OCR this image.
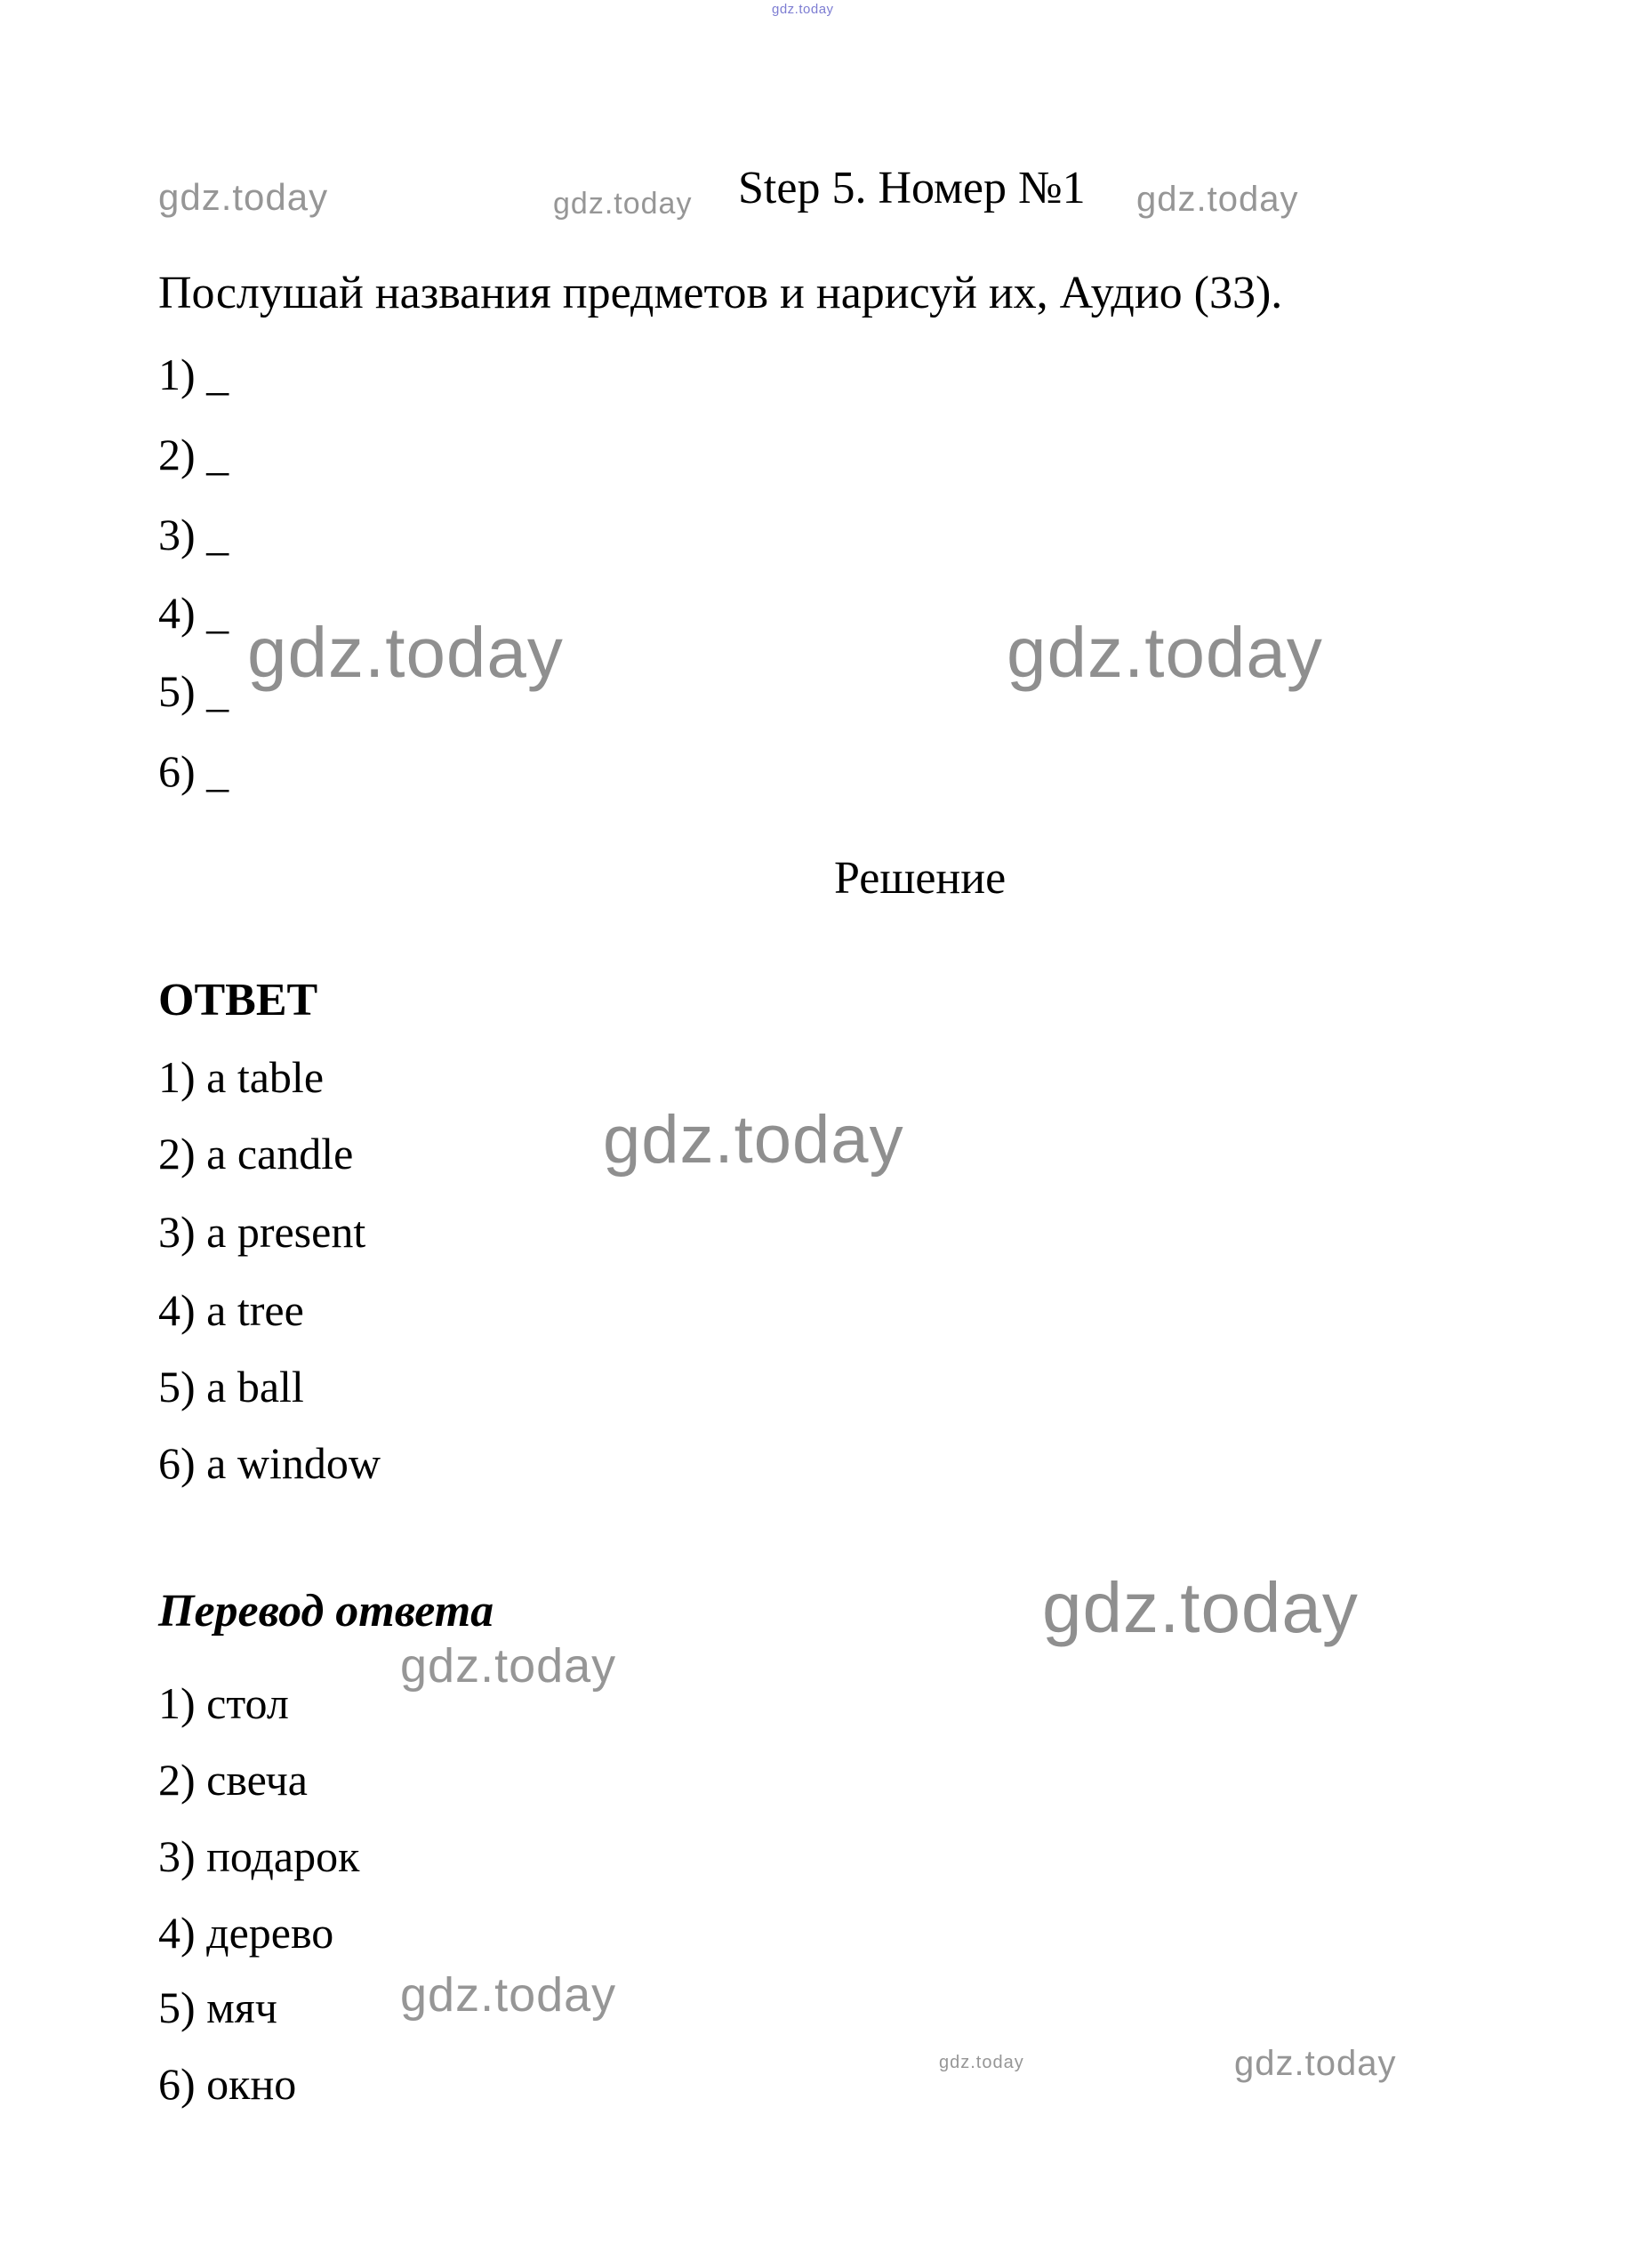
gdz.today
gdz.today	gdz.today Step 5. Номер №1 gdz.today
Послушай названия предметов и нарисуй их, Аудио (33).
1) _
2) _
3) _
4) _
5) _
6) _
gdz.today	gdz.today
Решение
ОТВЕТ
1) a table
2) a candle
3) a present
4) a tree
5) a ball
6) a window
gdz.today
Перевод ответа	gdz.today
gdz.today
1) стол
2) свеча
3) подарок
4) дерево
5) мяч
6) окно
gdz.today
gdz.today	gdz.today
